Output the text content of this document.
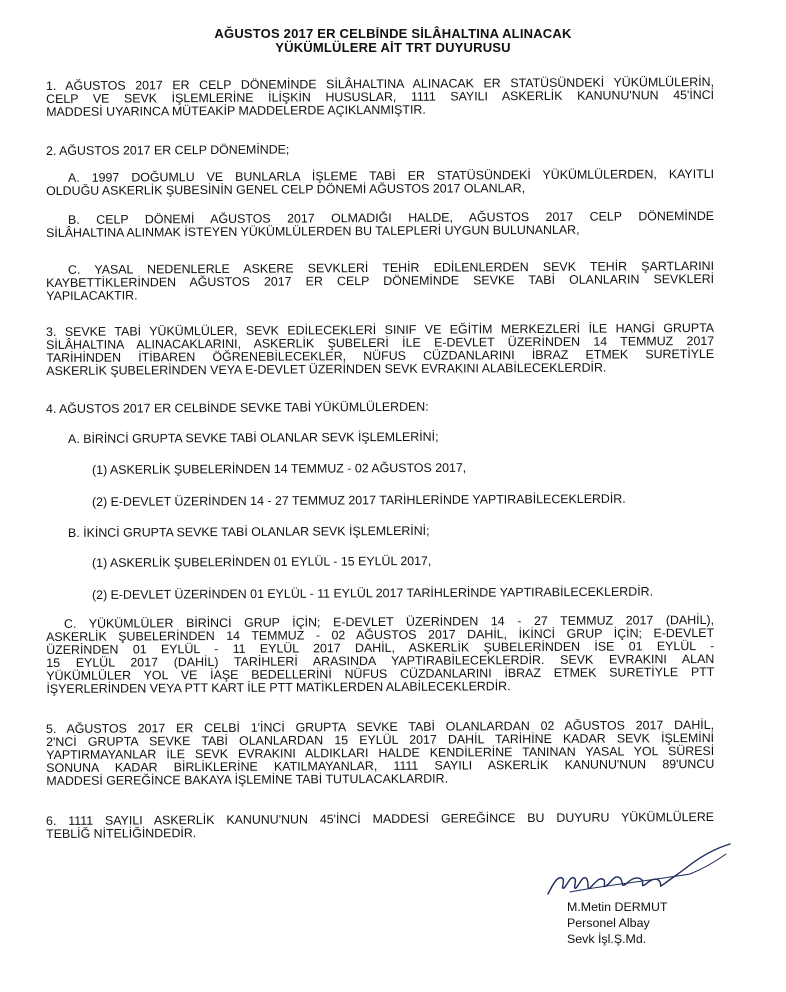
AĞUSTOS 2017 ER CELBİNDE SİLÂHALTINA ALINACAK
YÜKÜMLÜLERE AİT TRT DUYURUSU
1. AĞUSTOS 2017 ER CELP DÖNEMİNDE SİLÂHALTINA ALINACAK ER STATÜSÜNDEKİ YÜKÜMLÜLERİN,
CELP VE SEVK İŞLEMLERİNE İLİŞKİN HUSUSLAR, 1111 SAYILI ASKERLİK KANUNU'NUN 45'İNCİ
MADDESİ UYARINCA MÜTEAKİP MADDELERDE AÇIKLANMIŞTIR.
2. AĞUSTOS 2017 ER CELP DÖNEMİNDE;
A. 1997 DOĞUMLU VE BUNLARLA İŞLEME TABİ ER STATÜSÜNDEKİ YÜKÜMLÜLERDEN, KAYITLI
OLDUĞU ASKERLİK ŞUBESİNİN GENEL CELP DÖNEMİ AĞUSTOS 2017 OLANLAR,
B. CELP DÖNEMİ AĞUSTOS 2017 OLMADIĞI HALDE, AĞUSTOS 2017 CELP DÖNEMİNDE
SİLÂHALTINA ALINMAK İSTEYEN YÜKÜMLÜLERDEN BU TALEPLERİ UYGUN BULUNANLAR,
C. YASAL NEDENLERLE ASKERE SEVKLERİ TEHİR EDİLENLERDEN SEVK TEHİR ŞARTLARINI
KAYBETTİKLERİNDEN AĞUSTOS 2017 ER CELP DÖNEMİNDE SEVKE TABİ OLANLARIN SEVKLERİ
YAPILACAKTIR.
3. SEVKE TABİ YÜKÜMLÜLER, SEVK EDİLECEKLERİ SINIF VE EĞİTİM MERKEZLERİ İLE HANGİ GRUPTA
SİLÂHALTINA ALINACAKLARINI, ASKERLİK ŞUBELERİ İLE E-DEVLET ÜZERİNDEN 14 TEMMUZ 2017
TARİHİNDEN İTİBAREN ÖĞRENEBİLECEKLER, NÜFUS CÜZDANLARINI İBRAZ ETMEK SURETİYLE
ASKERLİK ŞUBELERİNDEN VEYA E-DEVLET ÜZERİNDEN SEVK EVRAKINI ALABİLECEKLERDİR.
4. AĞUSTOS 2017 ER CELBİNDE SEVKE TABİ YÜKÜMLÜLERDEN:
A. BİRİNCİ GRUPTA SEVKE TABİ OLANLAR SEVK İŞLEMLERİNİ;
(1) ASKERLİK ŞUBELERİNDEN 14 TEMMUZ - 02 AĞUSTOS 2017,
(2) E-DEVLET ÜZERİNDEN 14 - 27 TEMMUZ 2017 TARİHLERİNDE YAPTIRABİLECEKLERDİR.
B. İKİNCİ GRUPTA SEVKE TABİ OLANLAR SEVK İŞLEMLERİNİ;
(1) ASKERLİK ŞUBELERİNDEN 01 EYLÜL - 15 EYLÜL 2017,
(2) E-DEVLET ÜZERİNDEN 01 EYLÜL - 11 EYLÜL 2017 TARİHLERİNDE YAPTIRABİLECEKLERDİR.
C. YÜKÜMLÜLER BİRİNCİ GRUP İÇİN; E-DEVLET ÜZERİNDEN 14 - 27 TEMMUZ 2017 (DAHİL),
ASKERLİK ŞUBELERİNDEN 14 TEMMUZ - 02 AĞUSTOS 2017 DAHİL, İKİNCİ GRUP İÇİN; E-DEVLET
ÜZERİNDEN 01 EYLÜL - 11 EYLÜL 2017 DAHİL, ASKERLİK ŞUBELERİNDEN İSE 01 EYLÜL -
15 EYLÜL 2017 (DAHİL) TARİHLERİ ARASINDA YAPTIRABİLECEKLERDİR. SEVK EVRAKINI ALAN
YÜKÜMLÜLER YOL VE İAŞE BEDELLERİNİ NÜFUS CÜZDANLARINI İBRAZ ETMEK SURETİYLE PTT
İŞYERLERİNDEN VEYA PTT KART İLE PTT MATİKLERDEN ALABİLECEKLERDİR.
5. AĞUSTOS 2017 ER CELBİ 1'İNCİ GRUPTA SEVKE TABİ OLANLARDAN 02 AĞUSTOS 2017 DAHİL,
2'NCİ GRUPTA SEVKE TABİ OLANLARDAN 15 EYLÜL 2017 DAHİL TARİHİNE KADAR SEVK İŞLEMİNİ
YAPTIRMAYANLAR İLE SEVK EVRAKINI ALDIKLARI HALDE KENDİLERİNE TANINAN YASAL YOL SÜRESİ
SONUNA KADAR BİRLİKLERİNE KATILMAYANLAR, 1111 SAYILI ASKERLİK KANUNU'NUN 89'UNCU
MADDESİ GEREĞİNCE BAKAYA İŞLEMİNE TABİ TUTULACAKLARDIR.
6. 1111 SAYILI ASKERLİK KANUNU'NUN 45'İNCİ MADDESİ GEREĞİNCE BU DUYURU YÜKÜMLÜLERE
TEBLİĞ NİTELİĞİNDEDİR.
M.Metin DERMUT
Personel Albay
Sevk İşl.Ş.Md.
